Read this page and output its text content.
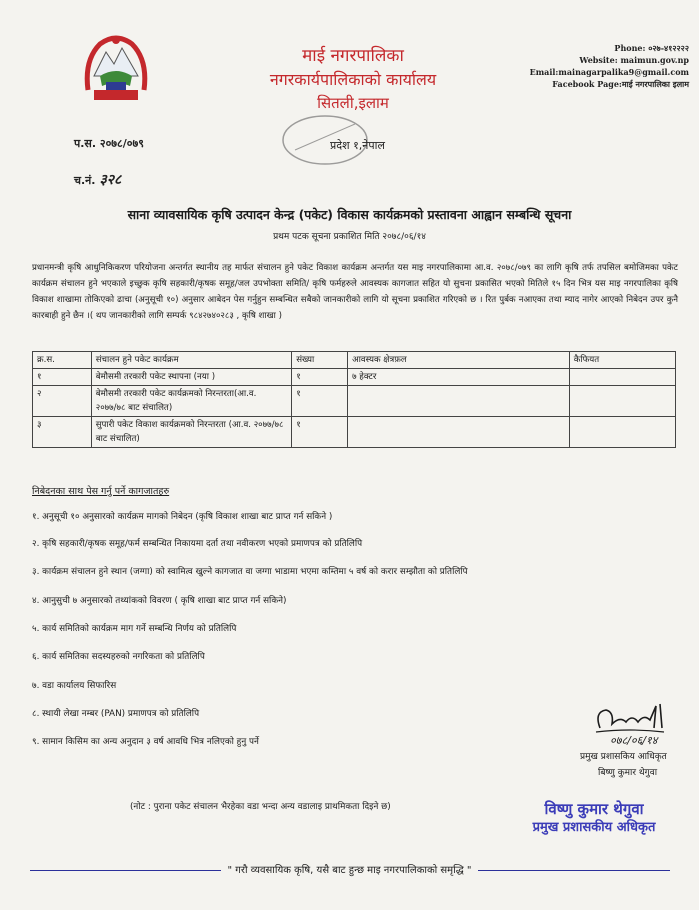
माई नगरपालिका
नगरकार्यपालिकाको कार्यालय
सितली,इलाम
प्रदेश १,नेपाल
Phone: ०२७-४१२२२२
Website: maimun.gov.np
Email:mainagarpalika9@gmail.com
Facebook Page:माई नगरपालिका इलाम
प.स. २०७८/०७९
च.नं. ३२८
साना व्यावसायिक कृषि उत्पादन केन्द्र (पकेट) विकास कार्यक्रमको प्रस्तावना आह्वान सम्बन्धि सूचना
प्रथम पटक सूचना प्रकाशित मिति २०७८/०६/१४
प्रधानमन्त्री कृषि आधुनिकिकरण परियोजना अन्तर्गत स्थानीय तह मार्फत संचालन हुने पकेट विकाश कार्यक्रम अन्तर्गत यस माइ नगरपालिकामा आ.व. २०७८/०७९ का लागि कृषि तर्फ तपसिल बमोजिमका पकेट कार्यक्रम संचालन हुने भएकाले इच्छुक कृषि सहकारी/कृषक समूह/जल उपभोक्ता समिति/ कृषि फर्महरुले आवस्यक कागजात सहित यो सुचना प्रकासित भएको मितिले १५ दिन भित्र यस माइ नगरपालिका कृषि विकाश शाखामा तोकिएको ढाचा (अनुसूची १०) अनुसार आबेदन पेस गर्नुहुन सम्बन्धित सबैको जानकारीको लागि यो सूचना प्रकाशित गरिएको छ । रित पुर्बक नआएका तथा म्याद नागेर आएको निबेदन उपर कुनै कारबाही हुने छैन ।( थप जानकारीको लागि सम्पर्क ९८४२७४०२८३ , कृषि शाखा )
क्र.स.	संचालन हुने पकेट कार्यक्रम	संख्या	आवस्यक क्षेत्रफ़ल	कैफियत
१	बेमौसमी तरकारी पकेट स्थापना (नया )	१	७ हेक्टर	
२	बेमौसमी तरकारी पकेट कार्यक्रमको निरन्तरता(आ.व. २०७७/७८ बाट संचालित)	१		
३	सुपारी पकेट विकाश कार्यक्रमको निरन्तरता (आ.व. २०७७/७८ बाट संचालित)	१		
निबेदनका साथ पेस गर्नु पर्ने कागजातहरु
१. अनुसूची १० अनुसारको कार्यक्रम मागको निबेदन (कृषि विकाश शाखा बाट प्राप्त गर्न सकिने )
२. कृषि सहकारी/कृषक समूह/फर्म सम्बन्धित निकायमा दर्ता तथा नवीकरण भएको प्रमाणपत्र को प्रतिलिपि
३. कार्यक्रम संचालन हुने स्थान (जग्गा) को स्वामित्व खुल्ने कागजात वा जग्गा भाडामा भएमा कम्तिमा ५ वर्ष को करार सम्झौता को प्रतिलिपि
४. आनुसुची ७ अनुसारको तथ्यांकको विवरण ( कृषि शाखा बाट प्राप्त गर्न सकिने)
५. कार्य समितिको कार्यक्रम माग गर्ने सम्बन्धि निर्णय को प्रतिलिपि
६. कार्य समितिका सदस्यहरुको नगरिकता को प्रतिलिपि
७. वडा कार्यालय सिफारिस
८. स्थायी लेखा नम्बर (PAN) प्रमाणपत्र को प्रतिलिपि
९. सामान किसिम का अन्य अनुदान ३ वर्ष आवधि भित्र नलिएको हुनु पर्ने	०७८/०६/१४
प्रमुख प्रशासकिय आधिकृत
बिष्णु कुमार थेगुवा
(नोट : पुराना पकेट संचालन भैरहेका वडा भन्दा अन्य वडालाइ प्राथमिकता दिइने छ)	विष्णु कुमार थेगुवा
प्रमुख प्रशासकीय अधिकृत
" गरौ व्यवसायिक कृषि, यसै बाट हुन्छ माइ नगरपालिकाको समृद्धि "
